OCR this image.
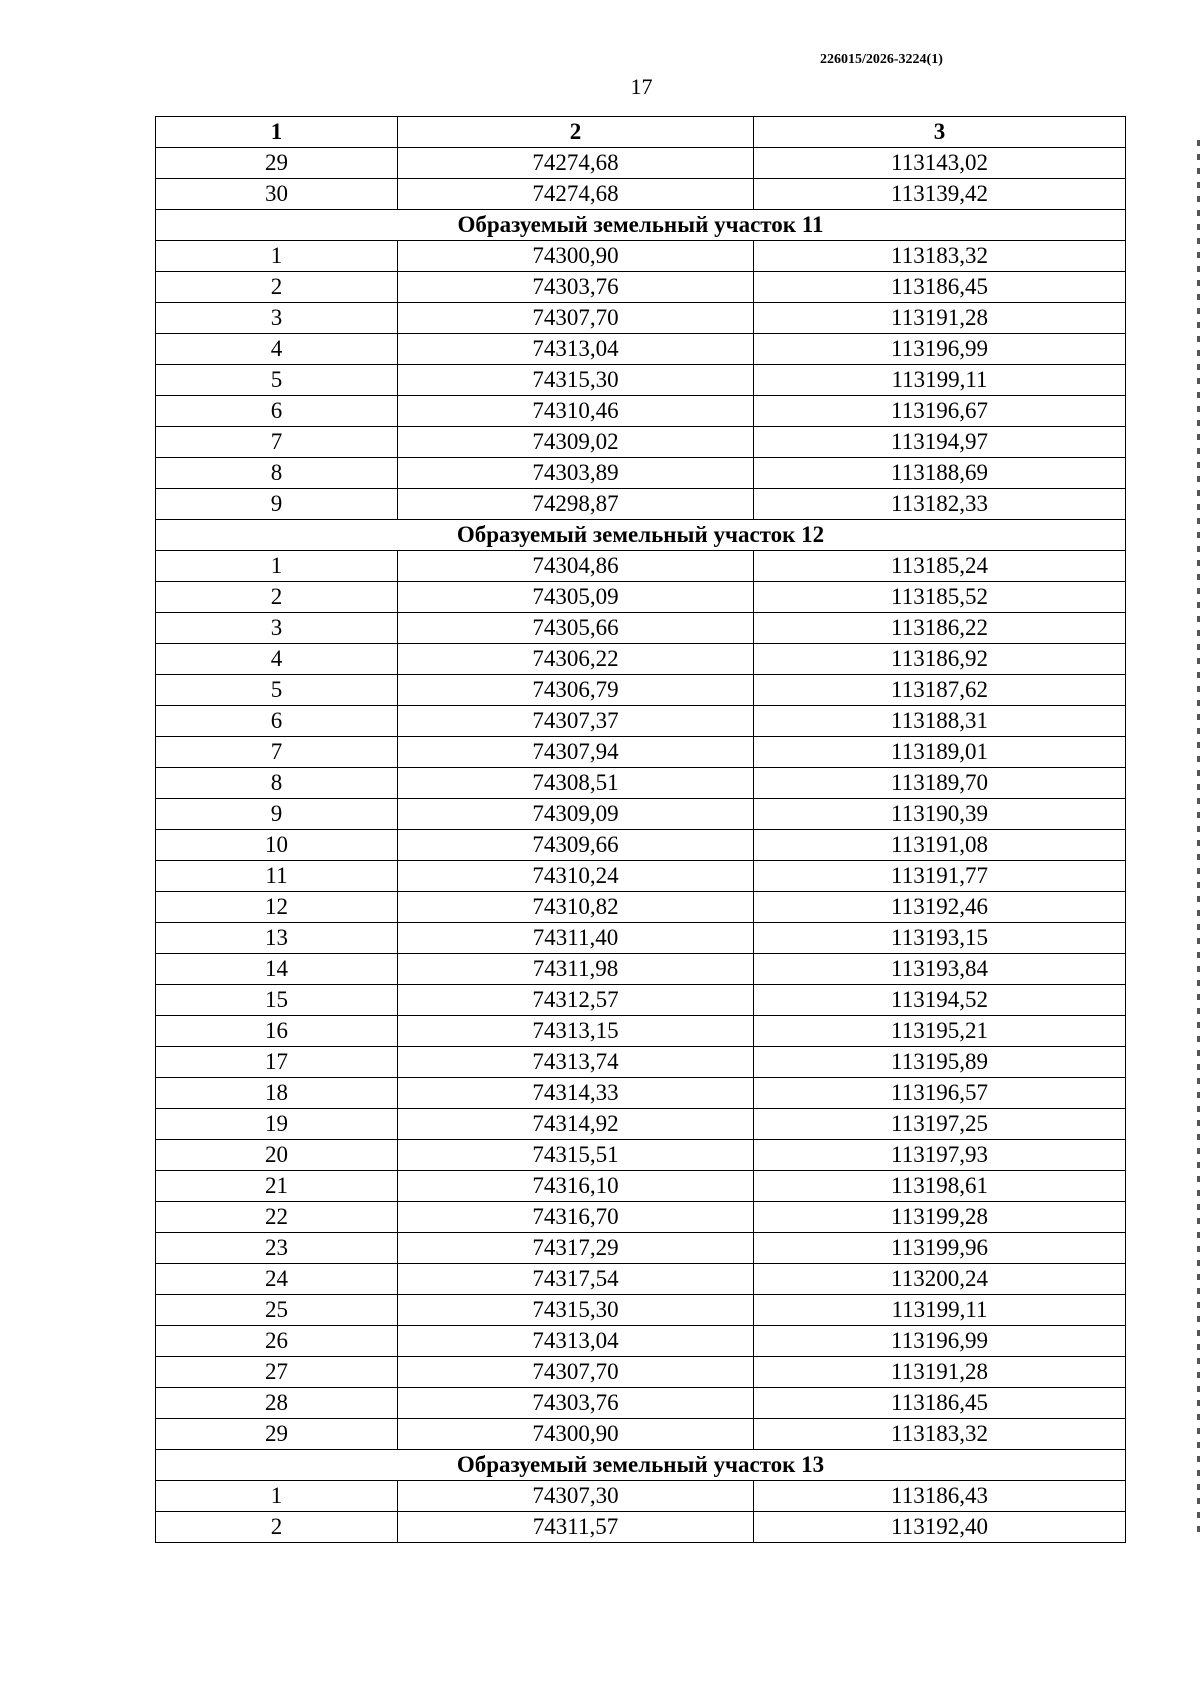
226015/2026-3224(1)
17
1	2	3
29	74274,68	113143,02
30	74274,68	113139,42
Образуемый земельный участок 11		
1	74300,90	113183,32
2	74303,76	113186,45
3	74307,70	113191,28
4	74313,04	113196,99
5	74315,30	113199,11
6	74310,46	113196,67
7	74309,02	113194,97
8	74303,89	113188,69
9	74298,87	113182,33
Образуемый земельный участок 12		
1	74304,86	113185,24
2	74305,09	113185,52
3	74305,66	113186,22
4	74306,22	113186,92
5	74306,79	113187,62
6	74307,37	113188,31
7	74307,94	113189,01
8	74308,51	113189,70
9	74309,09	113190,39
10	74309,66	113191,08
11	74310,24	113191,77
12	74310,82	113192,46
13	74311,40	113193,15
14	74311,98	113193,84
15	74312,57	113194,52
16	74313,15	113195,21
17	74313,74	113195,89
18	74314,33	113196,57
19	74314,92	113197,25
20	74315,51	113197,93
21	74316,10	113198,61
22	74316,70	113199,28
23	74317,29	113199,96
24	74317,54	113200,24
25	74315,30	113199,11
26	74313,04	113196,99
27	74307,70	113191,28
28	74303,76	113186,45
29	74300,90	113183,32
Образуемый земельный участок 13		
1	74307,30	113186,43
2	74311,57	113192,40
